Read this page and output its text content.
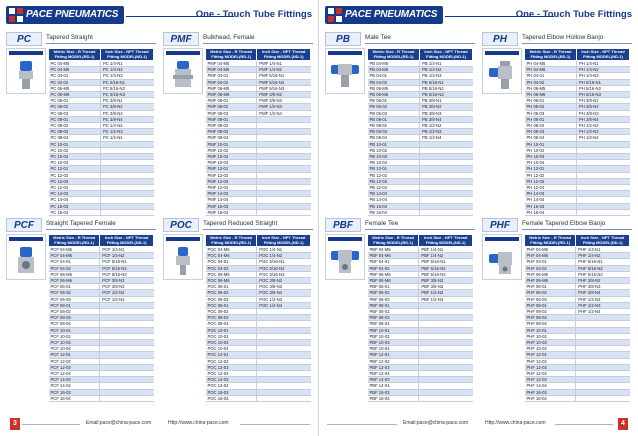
PACE PNEUMATICS	One - Touch Tube Fittings
PC	Tapered Straight
Metric Size - R Thread Fitting MODEL(RD-1)	Inch Size - NPT Thread Fitting MODEL(ND-1)
PC 04-M5	PC 1/4-N1
PC 04-M6	PC 1/4-N2
PC 04-01	PC 1/4-N3
PC 04-02	PC 5/16-N1
PC 06-M5	PC 5/16-N2
PC 06-M6	PC 5/16-N3
PC 06-01	PC 3/8-N1
PC 06-02	PC 3/8-N2
PC 06-03	PC 3/8-N3
PC 08-01	PC 3/8-N4
PC 08-02	PC 1/2-N2
PC 08-03	PC 1/2-N3
PC 08-04	PC 1/2-N4
PC 10-01	
PC 10-02	
PC 10-03	
PC 10-04	
PC 12-01	
PC 12-02	
PC 12-03	
PC 12-04	
PC 14-03	
PC 14-04	
PC 16-03	
PC 16-04	
PMF	Bulkhead, Female
Metric Size - R Thread Fitting MODEL(RD-1)	Inch Size - NPT Thread Fitting MODEL(ND-1)
PMF 04-M5	PMF 1/4-N1
PMF 04-M6	PMF 1/4-N2
PMF 04-01	PMF 5/16-N1
PMF 04-02	PMF 5/16-N2
PMF 06-M5	PMF 5/16-N3
PMF 06-M6	PMF 3/8-N2
PMF 06-01	PMF 3/8-N3
PMF 06-02	PMF 1/2-N3
PMF 06-03	PMF 1/2-N4
PMF 08-01	
PMF 08-02	
PMF 08-03	
PMF 08-04	
PMF 10-01	
PMF 10-02	
PMF 10-03	
PMF 10-04	
PMF 12-01	
PMF 12-02	
PMF 12-03	
PMF 12-04	
PMF 14-03	
PMF 14-04	
PMF 16-03	
PMF 16-04	
PCF	Straight Tapered Female
Metric Size - R Thread Fitting MODEL(RD-1)	Inch Size - NPT Thread Fitting MODEL(ND-1)
PCF 04-M5	PCF 1/4-N1
PCF 04-M6	PCF 1/4-N2
PCF 04-01	PCF 5/16-N1
PCF 04-02	PCF 5/16-N2
PCF 06-M5	PCF 5/16-N3
PCF 06-M6	PCF 3/8-N2
PCF 06-01	PCF 3/8-N3
PCF 06-02	PCF 1/2-N2
PCF 06-03	PCF 1/2-N3
PCF 08-01	
PCF 08-02	
PCF 08-03	
PCF 08-04	
PCF 10-01	
PCF 10-02	
PCF 10-03	
PCF 10-04	
PCF 12-01	
PCF 12-02	
PCF 12-03	
PCF 12-04	
PCF 14-03	
PCF 14-04	
PCF 16-03	
PCF 16-04	
POC	Tapered Reduced Straight
Metric Size - R Thread Fitting MODEL(RD-1)	Inch Size - NPT Thread Fitting MODEL(ND-1)
POC 04-M5	POC 1/4-N1
POC 04-M6	POC 1/4-N2
POC 04-01	POC 5/16-N1
POC 04-02	POC 5/16-N2
POC 06-M5	POC 5/16-N3
POC 06-M6	POC 3/8-N2
POC 06-01	POC 3/8-N3
POC 06-02	POC 3/8-N4
POC 06-03	POC 1/2-N3
POC 08-01	POC 1/2-N4
POC 08-02	
POC 08-03	
POC 08-04	
POC 10-01	
POC 10-02	
POC 10-03	
POC 10-04	
POC 12-01	
POC 12-02	
POC 12-03	
POC 12-04	
POC 14-03	
POC 14-04	
POC 16-03	
POC 16-04	
3	Email:pace@china-pace.com	Http://www.china-pace.com
PACE PNEUMATICS	One - Touch Tube Fittings
PB	Male Tee
Metric Size - R Thread Fitting MODEL(RD-1)	Inch Size - NPT Thread Fitting MODEL(ND-1)
PB 04-M5	PB 1/4-N1
PB 04-M6	PB 1/4-N2
PB 04-01	PB 1/4-N3
PB 04-02	PB 5/16-N1
PB 06-M5	PB 5/16-N2
PB 06-M6	PB 5/16-N3
PB 06-01	PB 3/8-N1
PB 06-02	PB 3/8-N2
PB 06-03	PB 3/8-N3
PB 08-01	PB 3/8-N4
PB 08-02	PB 1/2-N2
PB 08-03	PB 1/2-N3
PB 08-04	PB 1/2-N4
PB 10-01	
PB 10-02	
PB 10-03	
PB 10-04	
PB 12-01	
PB 12-02	
PB 12-03	
PB 12-04	
PB 14-03	
PB 14-04	
PB 16-03	
PB 16-04	
PH	Tapered Elbow Hollow Banjo
Metric Size - R Thread Fitting MODEL(RD-1)	Inch Size - NPT Thread Fitting MODEL(ND-1)
PH 04-M5	PH 1/4-N1
PH 04-M6	PH 1/4-N2
PH 04-01	PH 1/4-N3
PH 04-02	PH 5/16-N1
PH 06-M5	PH 5/16-N2
PH 06-M6	PH 5/16-N3
PH 06-01	PH 3/8-N1
PH 06-02	PH 3/8-N2
PH 06-03	PH 3/8-N3
PH 08-01	PH 3/8-N4
PH 08-02	PH 1/2-N2
PH 08-03	PH 1/2-N3
PH 08-04	PH 1/2-N4
PH 10-01	
PH 10-02	
PH 10-03	
PH 10-04	
PH 12-01	
PH 12-02	
PH 12-03	
PH 12-04	
PH 14-03	
PH 14-04	
PH 16-03	
PH 16-04	
PBF	Female Tee
Metric Size - R Thread Fitting MODEL(RD-1)	Inch Size - NPT Thread Fitting MODEL(ND-1)
PBF 04-M5	PBF 1/4-N1
PBF 04-M6	PBF 1/4-N2
PBF 04-01	PBF 5/16-N1
PBF 04-02	PBF 5/16-N2
PBF 06-M5	PBF 5/16-N3
PBF 06-M6	PBF 3/8-N2
PBF 06-01	PBF 3/8-N3
PBF 06-02	PBF 1/2-N3
PBF 06-03	PBF 1/2-N4
PBF 08-01	
PBF 08-02	
PBF 08-03	
PBF 08-04	
PBF 10-01	
PBF 10-02	
PBF 10-03	
PBF 10-04	
PBF 12-01	
PBF 12-02	
PBF 12-03	
PBF 12-04	
PBF 14-03	
PBF 14-04	
PBF 16-03	
PBF 16-04	
PHF	Female Tapered Elbow Banjo
Metric Size - R Thread Fitting MODEL(RD-1)	Inch Size - NPT Thread Fitting MODEL(ND-1)
PHF 04-M5	PHF 1/4-N1
PHF 04-M6	PHF 1/4-N2
PHF 04-01	PHF 5/16-N1
PHF 04-02	PHF 5/16-N2
PHF 06-M5	PHF 5/16-N3
PHF 06-M6	PHF 3/8-N2
PHF 06-01	PHF 3/8-N3
PHF 06-02	PHF 3/8-N4
PHF 06-03	PHF 1/2-N2
PHF 08-01	PHF 1/2-N3
PHF 08-02	PHF 1/2-N4
PHF 08-03	
PHF 08-04	
PHF 10-01	
PHF 10-02	
PHF 10-03	
PHF 10-04	
PHF 12-01	
PHF 12-02	
PHF 12-03	
PHF 12-04	
PHF 14-03	
PHF 14-04	
PHF 16-03	
PHF 16-04	
Email:pace@china-pace.com	Http://www.china-pace.com	4
